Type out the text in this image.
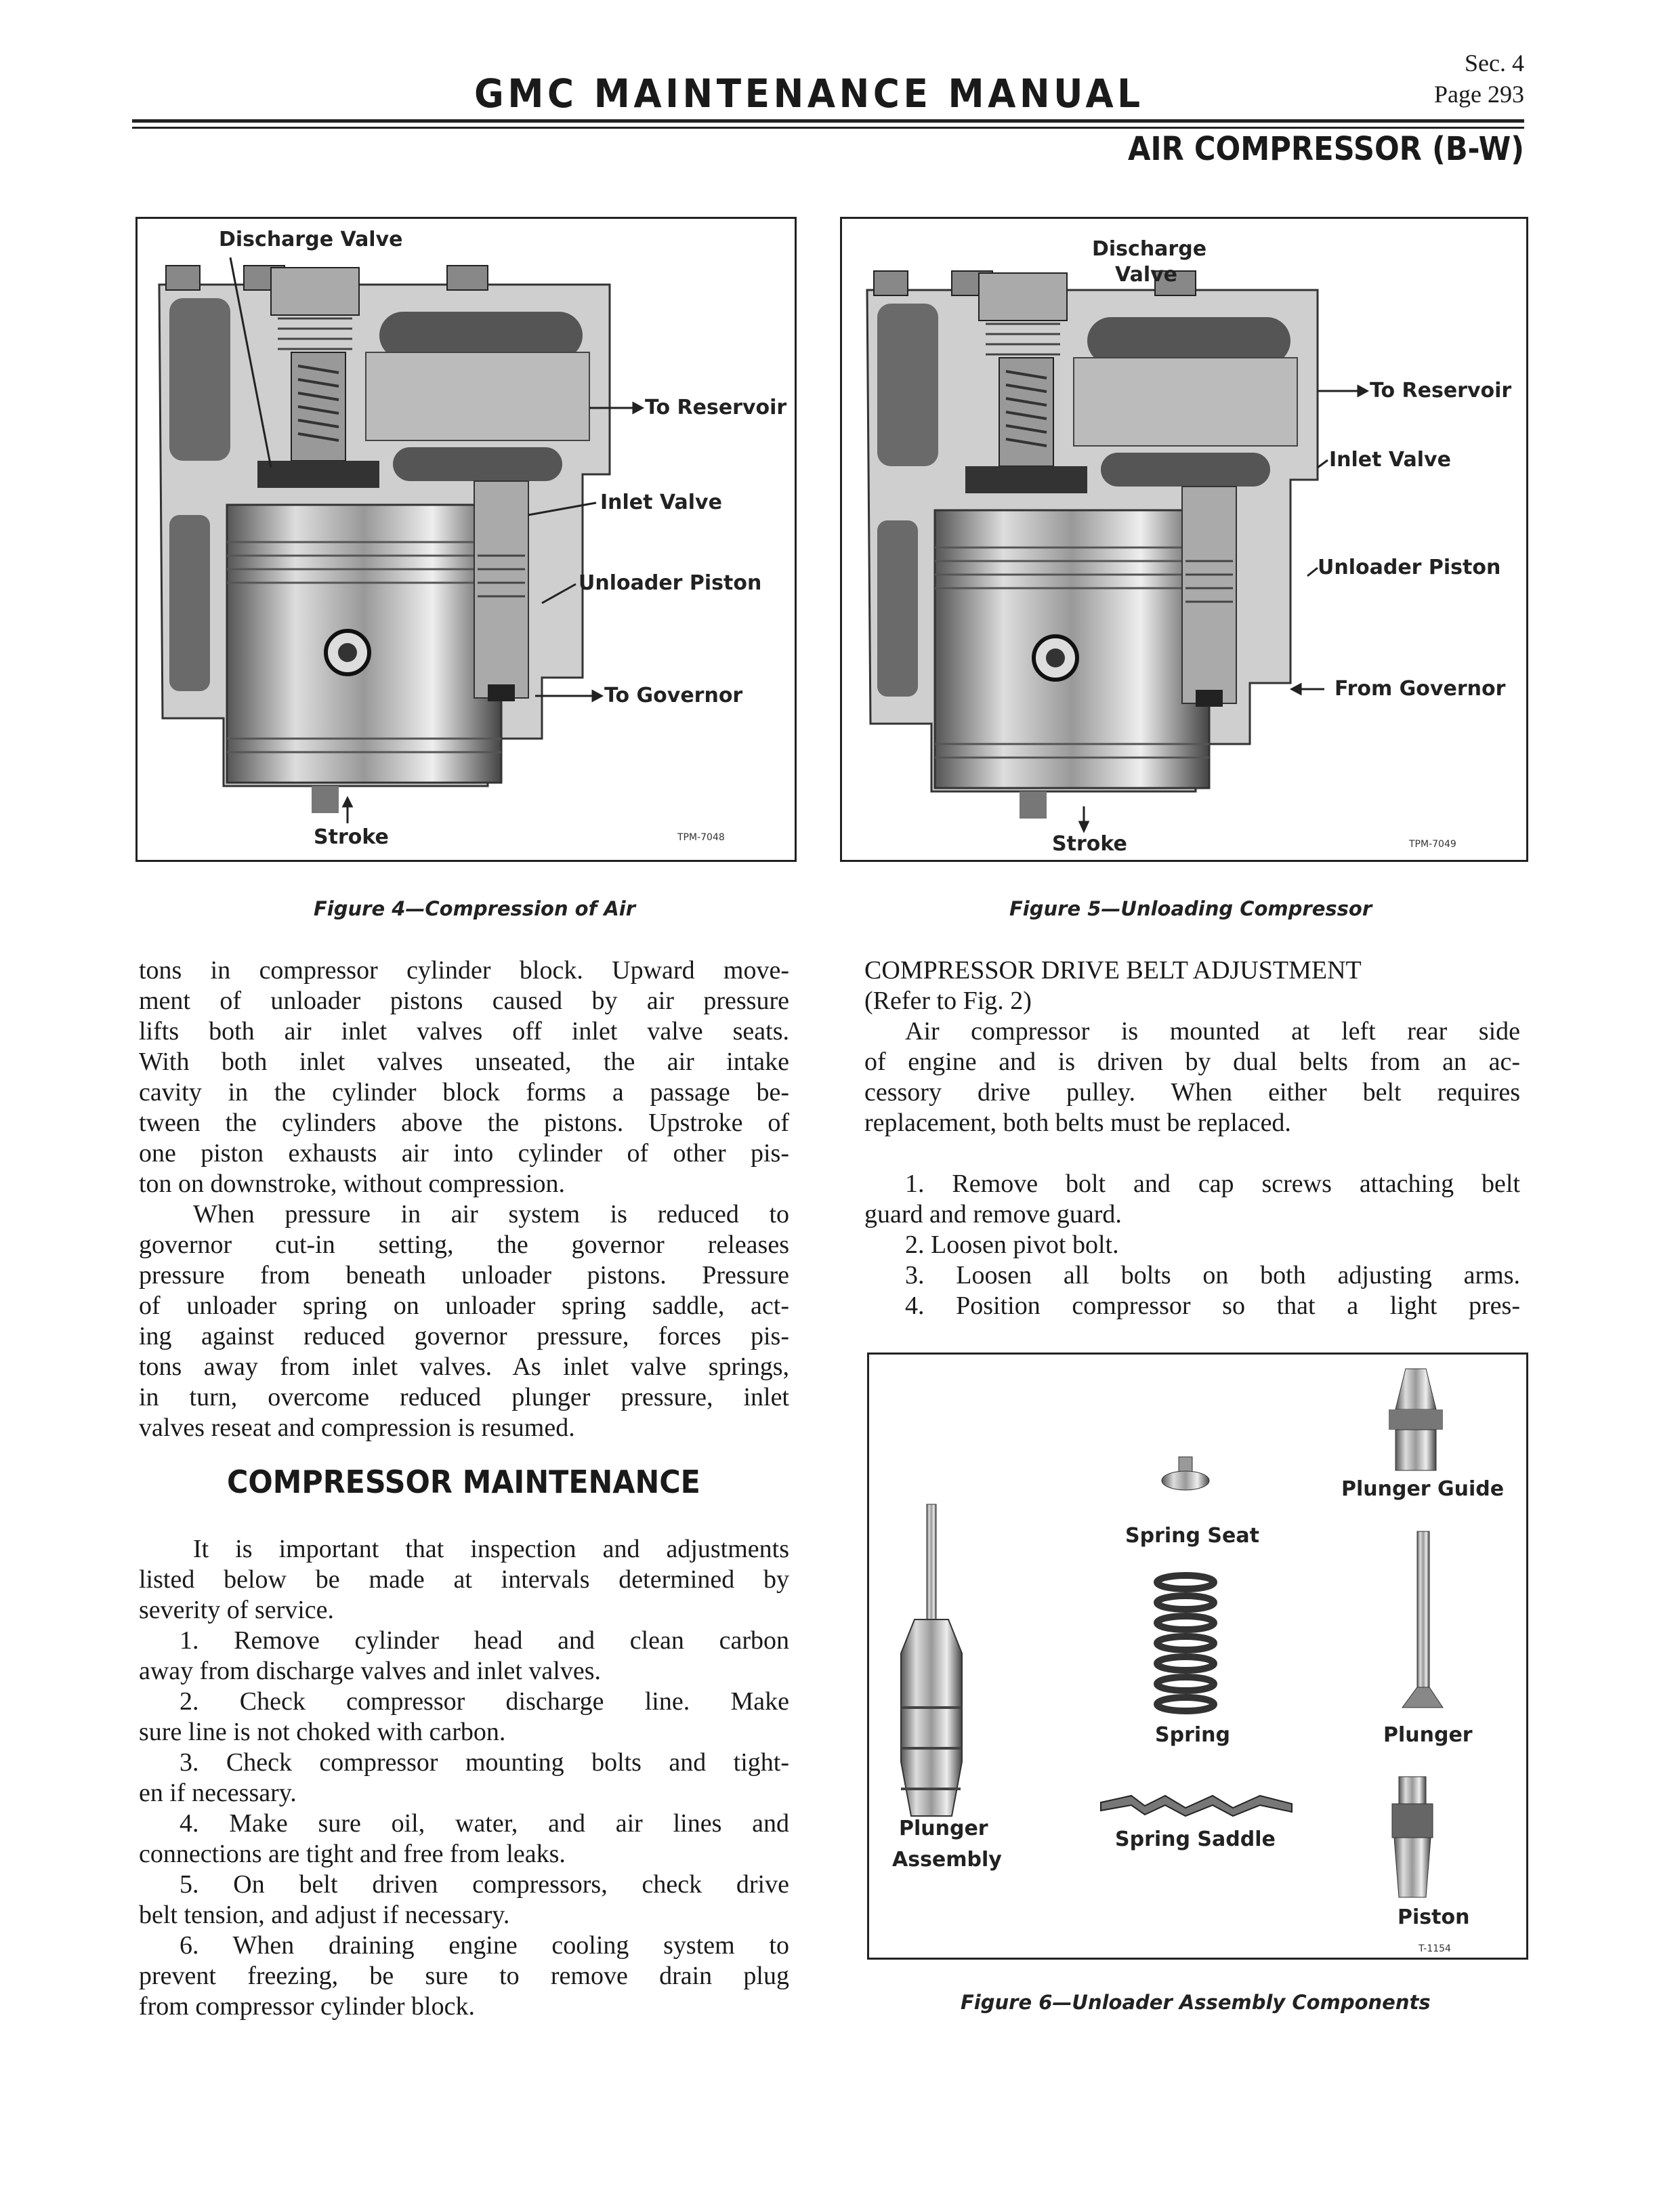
GMC MAINTENANCE MANUAL
Sec. 4
Page 293
AIR COMPRESSOR (B-W)
Discharge Valve
To Reservoir
Inlet Valve
Unloader Piston
To Governor
Stroke	TPM-7048
Figure 4—Compression of Air
Discharge
Valve
To Reservoir
Inlet Valve
Unloader Piston
From Governor
Stroke	TPM-7049
Figure 5—Unloading Compressor
Plunger Guide
Spring Seat
Spring	Plunger
Spring Saddle
Plunger
Assembly
Piston
T-1154
Figure 6—Unloader Assembly Components
tons in compressor cylinder block. Upward move-
ment of unloader pistons caused by air pressure
lifts both air inlet valves off inlet valve seats.
With both inlet valves unseated, the air intake
cavity in the cylinder block forms a passage be-
tween the cylinders above the pistons. Upstroke of
one piston exhausts air into cylinder of other pis-
ton on downstroke, without compression.
When pressure in air system is reduced to
governor cut-in setting, the governor releases
pressure from beneath unloader pistons. Pressure
of unloader spring on unloader spring saddle, act-
ing against reduced governor pressure, forces pis-
tons away from inlet valves. As inlet valve springs,
in turn, overcome reduced plunger pressure, inlet
valves reseat and compression is resumed.
COMPRESSOR MAINTENANCE
It is important that inspection and adjustments
listed below be made at intervals determined by
severity of service.
1. Remove cylinder head and clean carbon
away from discharge valves and inlet valves.
2. Check compressor discharge line. Make
sure line is not choked with carbon.
3. Check compressor mounting bolts and tight-
en if necessary.
4. Make sure oil, water, and air lines and
connections are tight and free from leaks.
5. On belt driven compressors, check drive
belt tension, and adjust if necessary.
6. When draining engine cooling system to
prevent freezing, be sure to remove drain plug
from compressor cylinder block.
COMPRESSOR DRIVE BELT ADJUSTMENT
(Refer to Fig. 2)
Air compressor is mounted at left rear side
of engine and is driven by dual belts from an ac-
cessory drive pulley. When either belt requires
replacement, both belts must be replaced.
1. Remove bolt and cap screws attaching belt
guard and remove guard.
2. Loosen pivot bolt.
3. Loosen all bolts on both adjusting arms.
4. Position compressor so that a light pres-
